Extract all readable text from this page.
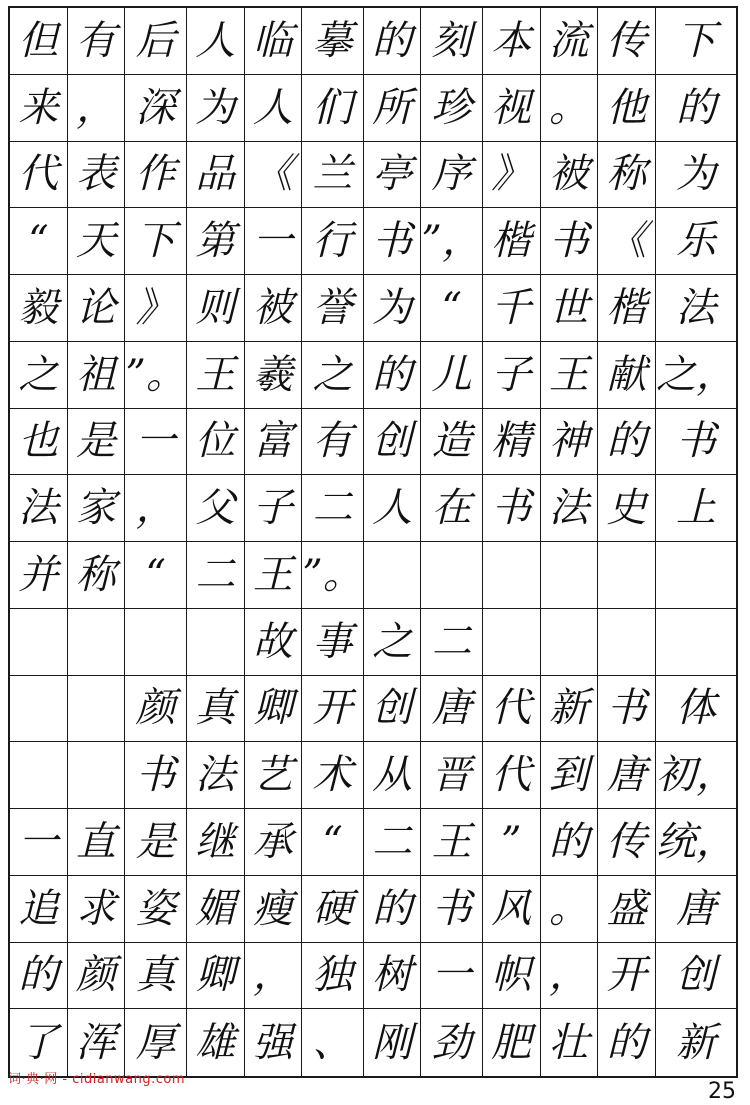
但 有 后 人 临 摹 的 刻 本 流 传 下
来 ， 深 为 人 们 所 珍 视 。 他 的
代 表 作 品 《 兰 亭 序 》 被 称 为
“ 天 下 第 一 行 书 ”， 楷 书 《 乐
毅 论 》 则 被 誉 为 “ 千 世 楷 法
之 祖 ”。 王 羲 之 的 儿 子 王 献 之，
也 是 一 位 富 有 创 造 精 神 的 书
法 家 ， 父 子 二 人 在 书 法 史 上
并 称 “ 二 王 ”。
故 事 之 二
颜 真 卿 开 创 唐 代 新 书 体
书 法 艺 术 从 晋 代 到 唐 初，
一 直 是 继 承 “ 二 王 ” 的 传 统，
追 求 姿 媚 瘦 硬 的 书 风 。 盛 唐
的 颜 真 卿 ， 独 树 一 帜 ， 开 创
了 浑 厚 雄 强 、 刚 劲 肥 壮 的 新
词·典·网 - cidianwang.com	25
